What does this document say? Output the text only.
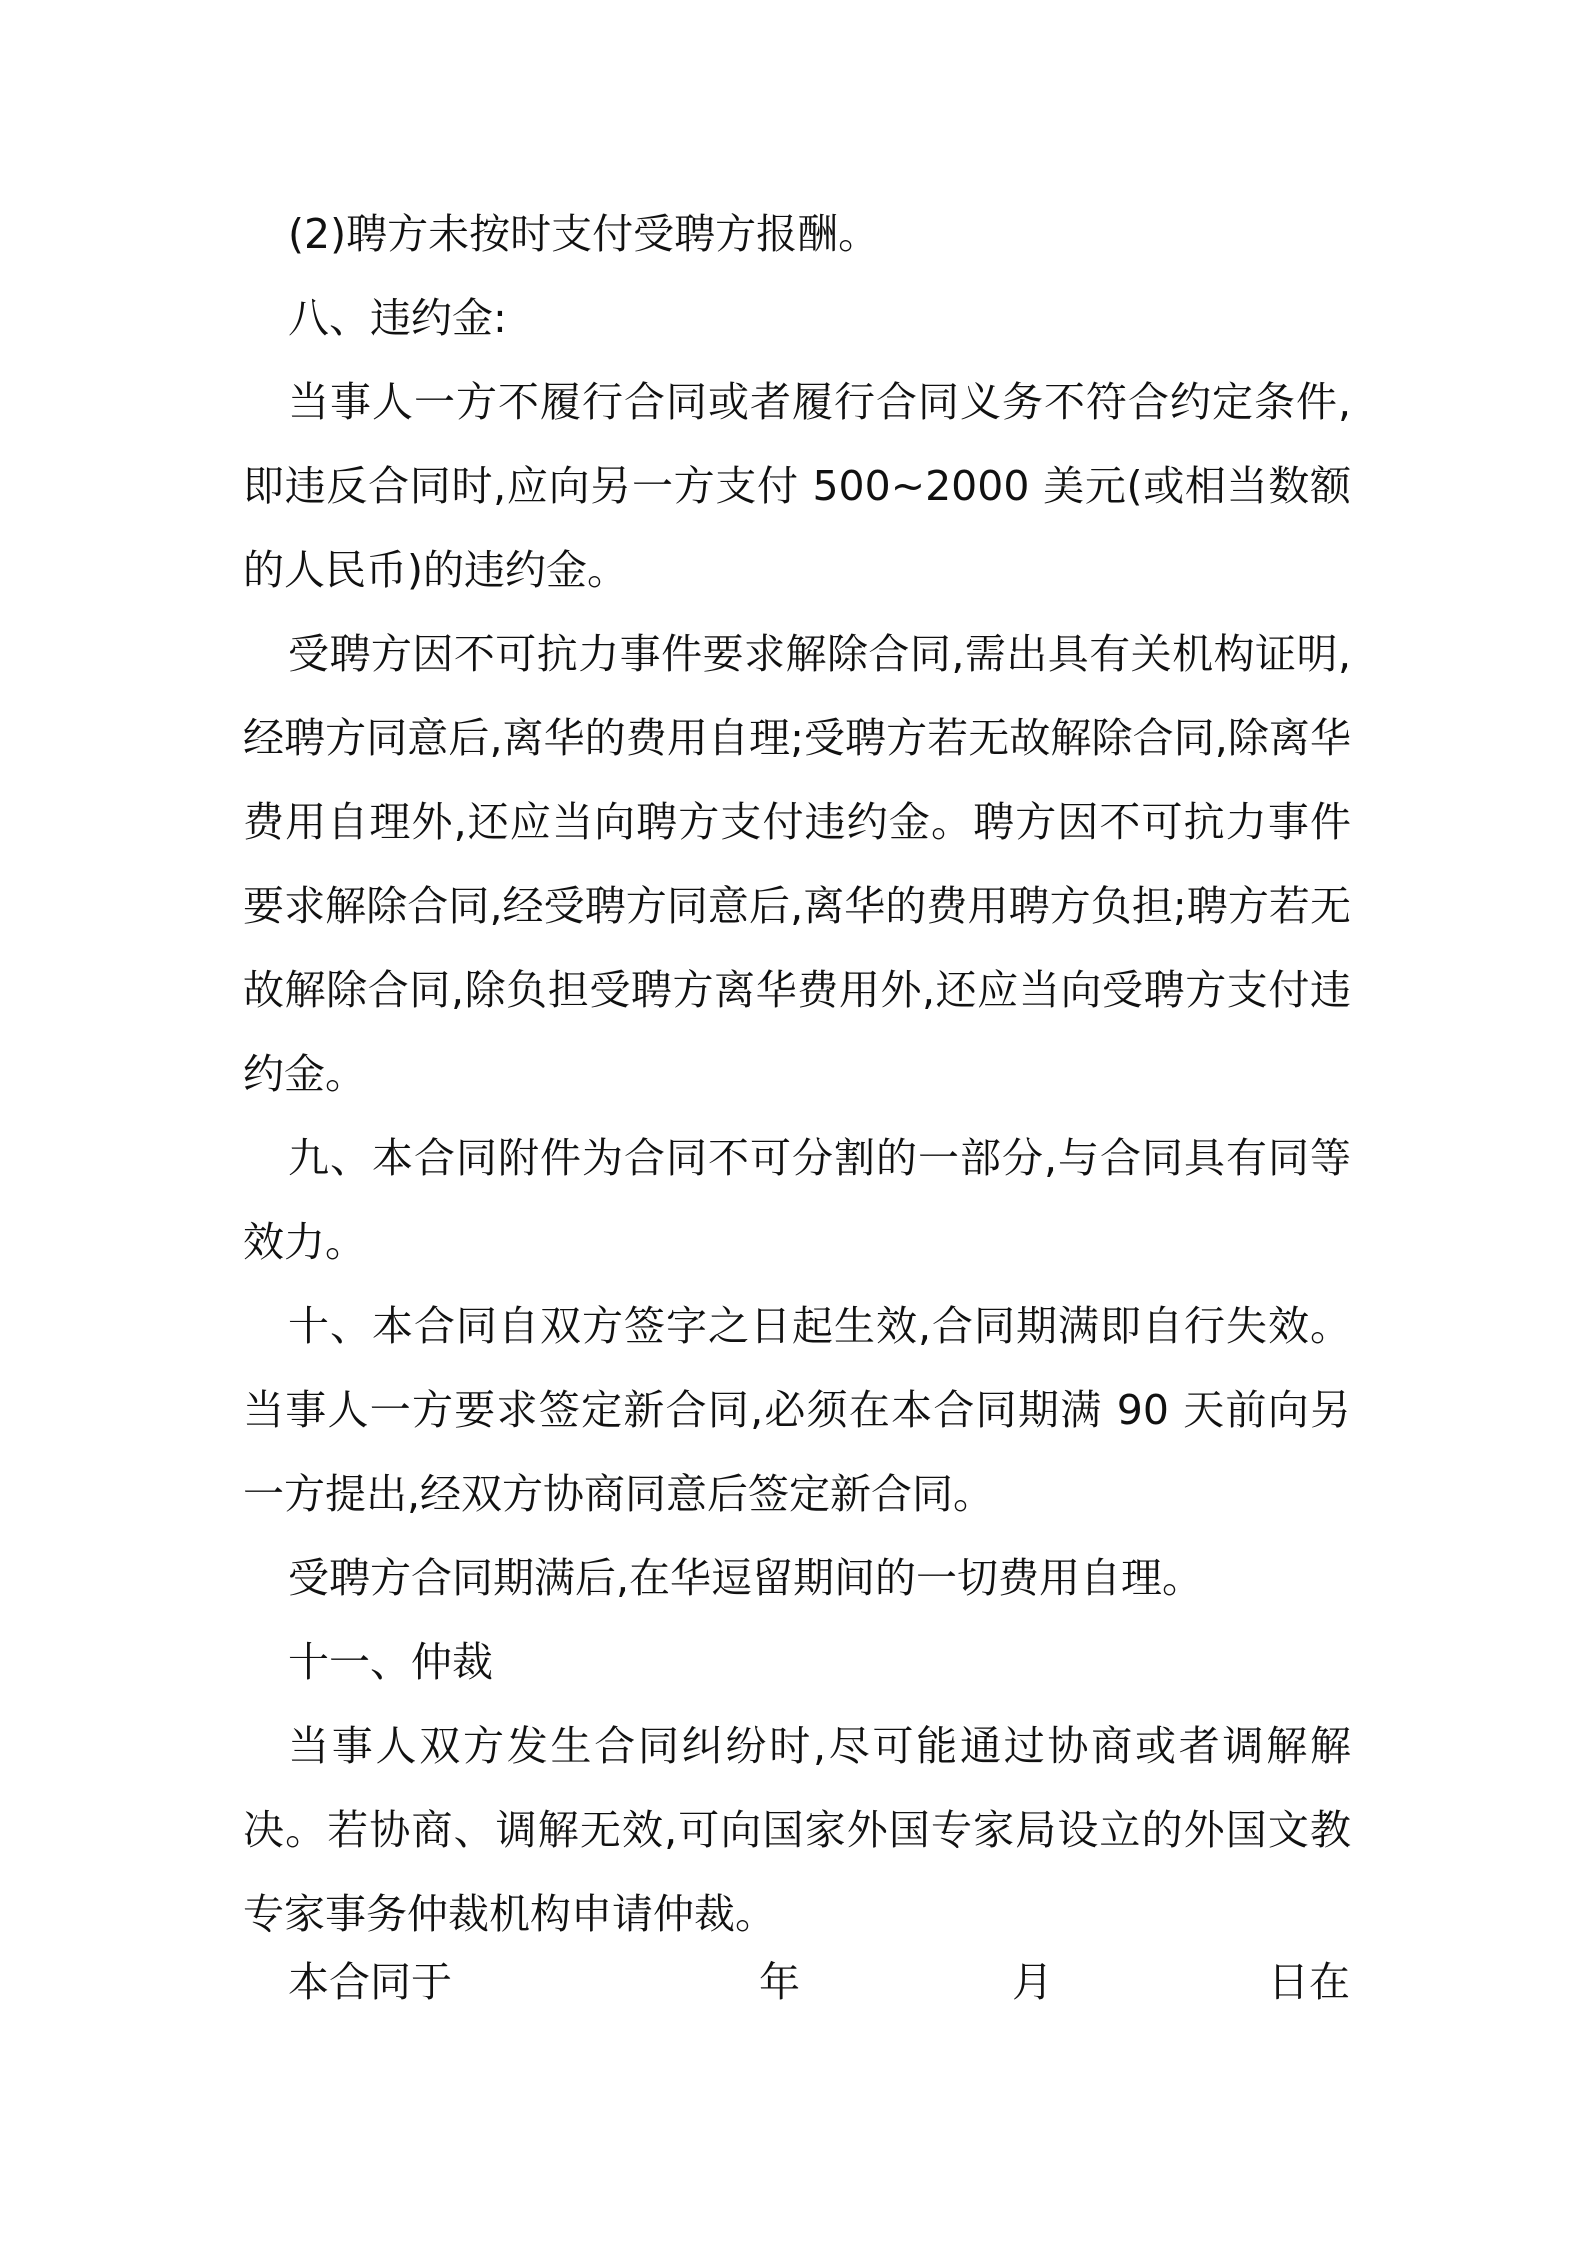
(2)聘方未按时支付受聘方报酬。

八、违约金:

当事人一方不履行合同或者履行合同义务不符合约定条件,即违反合同时,应向另一方支付 500~2000 美元(或相当数额的人民币)的违约金。

受聘方因不可抗力事件要求解除合同,需出具有关机构证明,经聘方同意后,离华的费用自理;受聘方若无故解除合同,除离华费用自理外,还应当向聘方支付违约金。聘方因不可抗力事件要求解除合同,经受聘方同意后,离华的费用聘方负担;聘方若无故解除合同,除负担受聘方离华费用外,还应当向受聘方支付违约金。

九、本合同附件为合同不可分割的一部分,与合同具有同等效力。

十、本合同自双方签字之日起生效,合同期满即自行失效。当事人一方要求签定新合同,必须在本合同期满 90 天前向另一方提出,经双方协商同意后签定新合同。

受聘方合同期满后,在华逗留期间的一切费用自理。

十一、仲裁

当事人双方发生合同纠纷时,尽可能通过协商或者调解解决。若协商、调解无效,可向国家外国专家局设立的外国文教专家事务仲裁机构申请仲裁。

本合同于	年	月	日在
